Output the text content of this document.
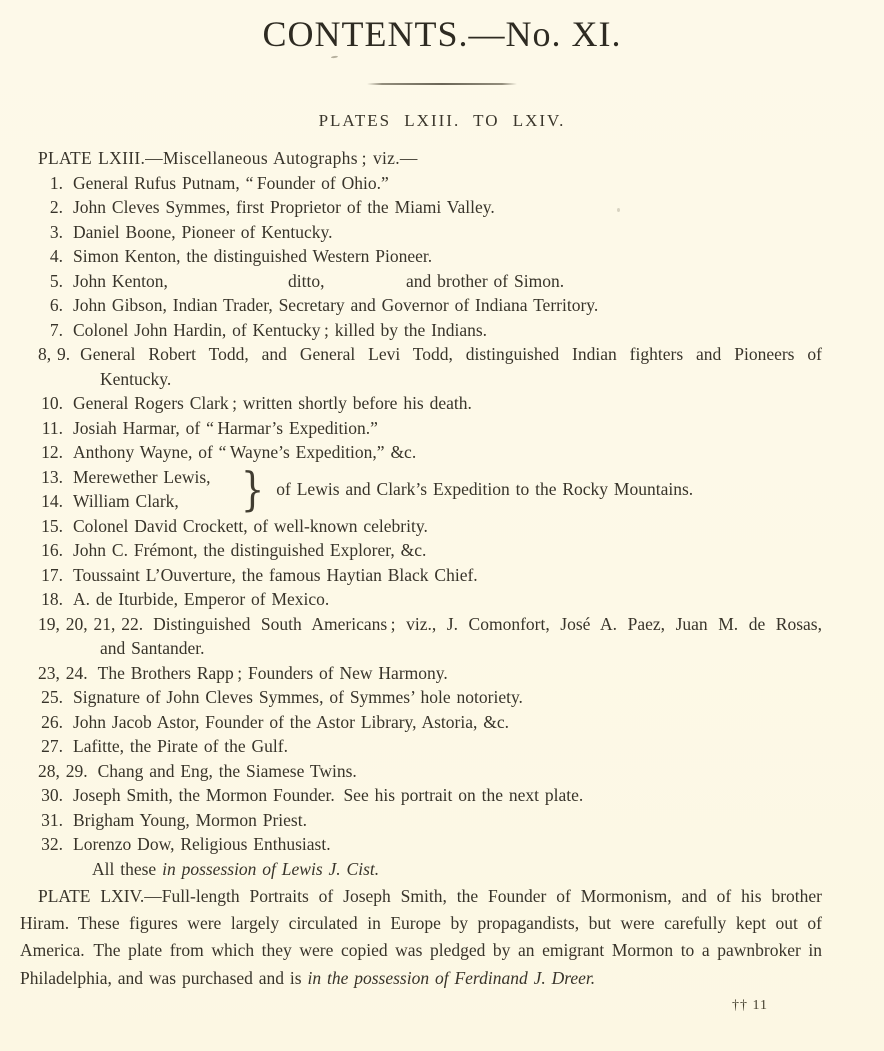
CONTENTS.—No. XI.
PLATES LXIII. TO LXIV.
PLATE LXIII.—Miscellaneous Autographs ; viz.—
1. General Rufus Putnam, “ Founder of Ohio.”
2. John Cleves Symmes, first Proprietor of the Miami Valley.
3. Daniel Boone, Pioneer of Kentucky.
4. Simon Kenton, the distinguished Western Pioneer.
5. John Kenton,	ditto,	and brother of Simon.
6. John Gibson, Indian Trader, Secretary and Governor of Indiana Territory.
7. Colonel John Hardin, of Kentucky ; killed by the Indians.
8, 9. General Robert Todd, and General Levi Todd, distinguished Indian fighters and Pioneers of
Kentucky.
10. General Rogers Clark ; written shortly before his death.
11. Josiah Harmar, of “ Harmar’s Expedition.”
12. Anthony Wayne, of “ Wayne’s Expedition,” &c.
13. Merewether Lewis,
14. William Clark,	} of Lewis and Clark’s Expedition to the Rocky Mountains.
15. Colonel David Crockett, of well-known celebrity.
16. John C. Frémont, the distinguished Explorer, &c.
17. Toussaint L’Ouverture, the famous Haytian Black Chief.
18. A. de Iturbide, Emperor of Mexico.
19, 20, 21, 22. Distinguished South Americans ; viz., J. Comonfort, José A. Paez, Juan M. de Rosas,
and Santander.
23, 24. The Brothers Rapp ; Founders of New Harmony.
25. Signature of John Cleves Symmes, of Symmes’ hole notoriety.
26. John Jacob Astor, Founder of the Astor Library, Astoria, &c.
27. Lafitte, the Pirate of the Gulf.
28, 29. Chang and Eng, the Siamese Twins.
30. Joseph Smith, the Mormon Founder. See his portrait on the next plate.
31. Brigham Young, Mormon Priest.
32. Lorenzo Dow, Religious Enthusiast.
All these in possession of Lewis J. Cist.

PLATE LXIV.—Full-length Portraits of Joseph Smith, the Founder of Mormonism, and of his brother Hiram. These figures were largely circulated in Europe by propagandists, but were carefully kept out of America. The plate from which they were copied was pledged by an emigrant Mormon to a pawnbroker in Philadelphia, and was purchased and is in the possession of Ferdinand J. Dreer.

†† 11
